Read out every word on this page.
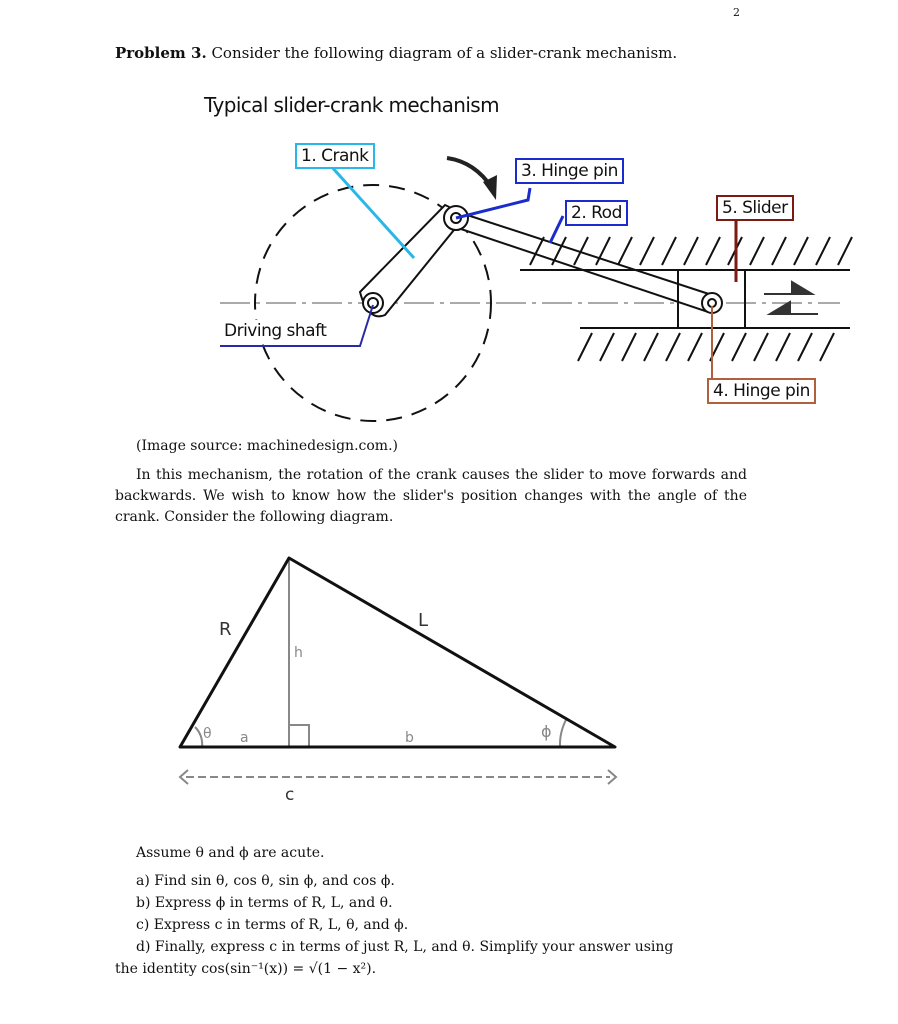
2
Problem 3. Consider the following diagram of a slider-crank mechanism.
Typical slider-crank mechanism
1. Crank
3. Hinge pin
2. Rod	5. Slider
Driving shaft
4. Hinge pin
(Image source: machinedesign.com.)
In this mechanism, the rotation of the crank causes the slider to move forwards and backwards. We wish to know how the slider's position changes with the angle of the crank. Consider the following diagram.
R	L
h
a	b
θ	ϕ
c
Assume θ and ϕ are acute.
a) Find sin θ, cos θ, sin ϕ, and cos ϕ.
b) Express ϕ in terms of R, L, and θ.
c) Express c in terms of R, L, θ, and ϕ.
d) Finally, express c in terms of just R, L, and θ. Simplify your answer using
the identity cos(sin⁻¹(x)) = √(1 − x²).
